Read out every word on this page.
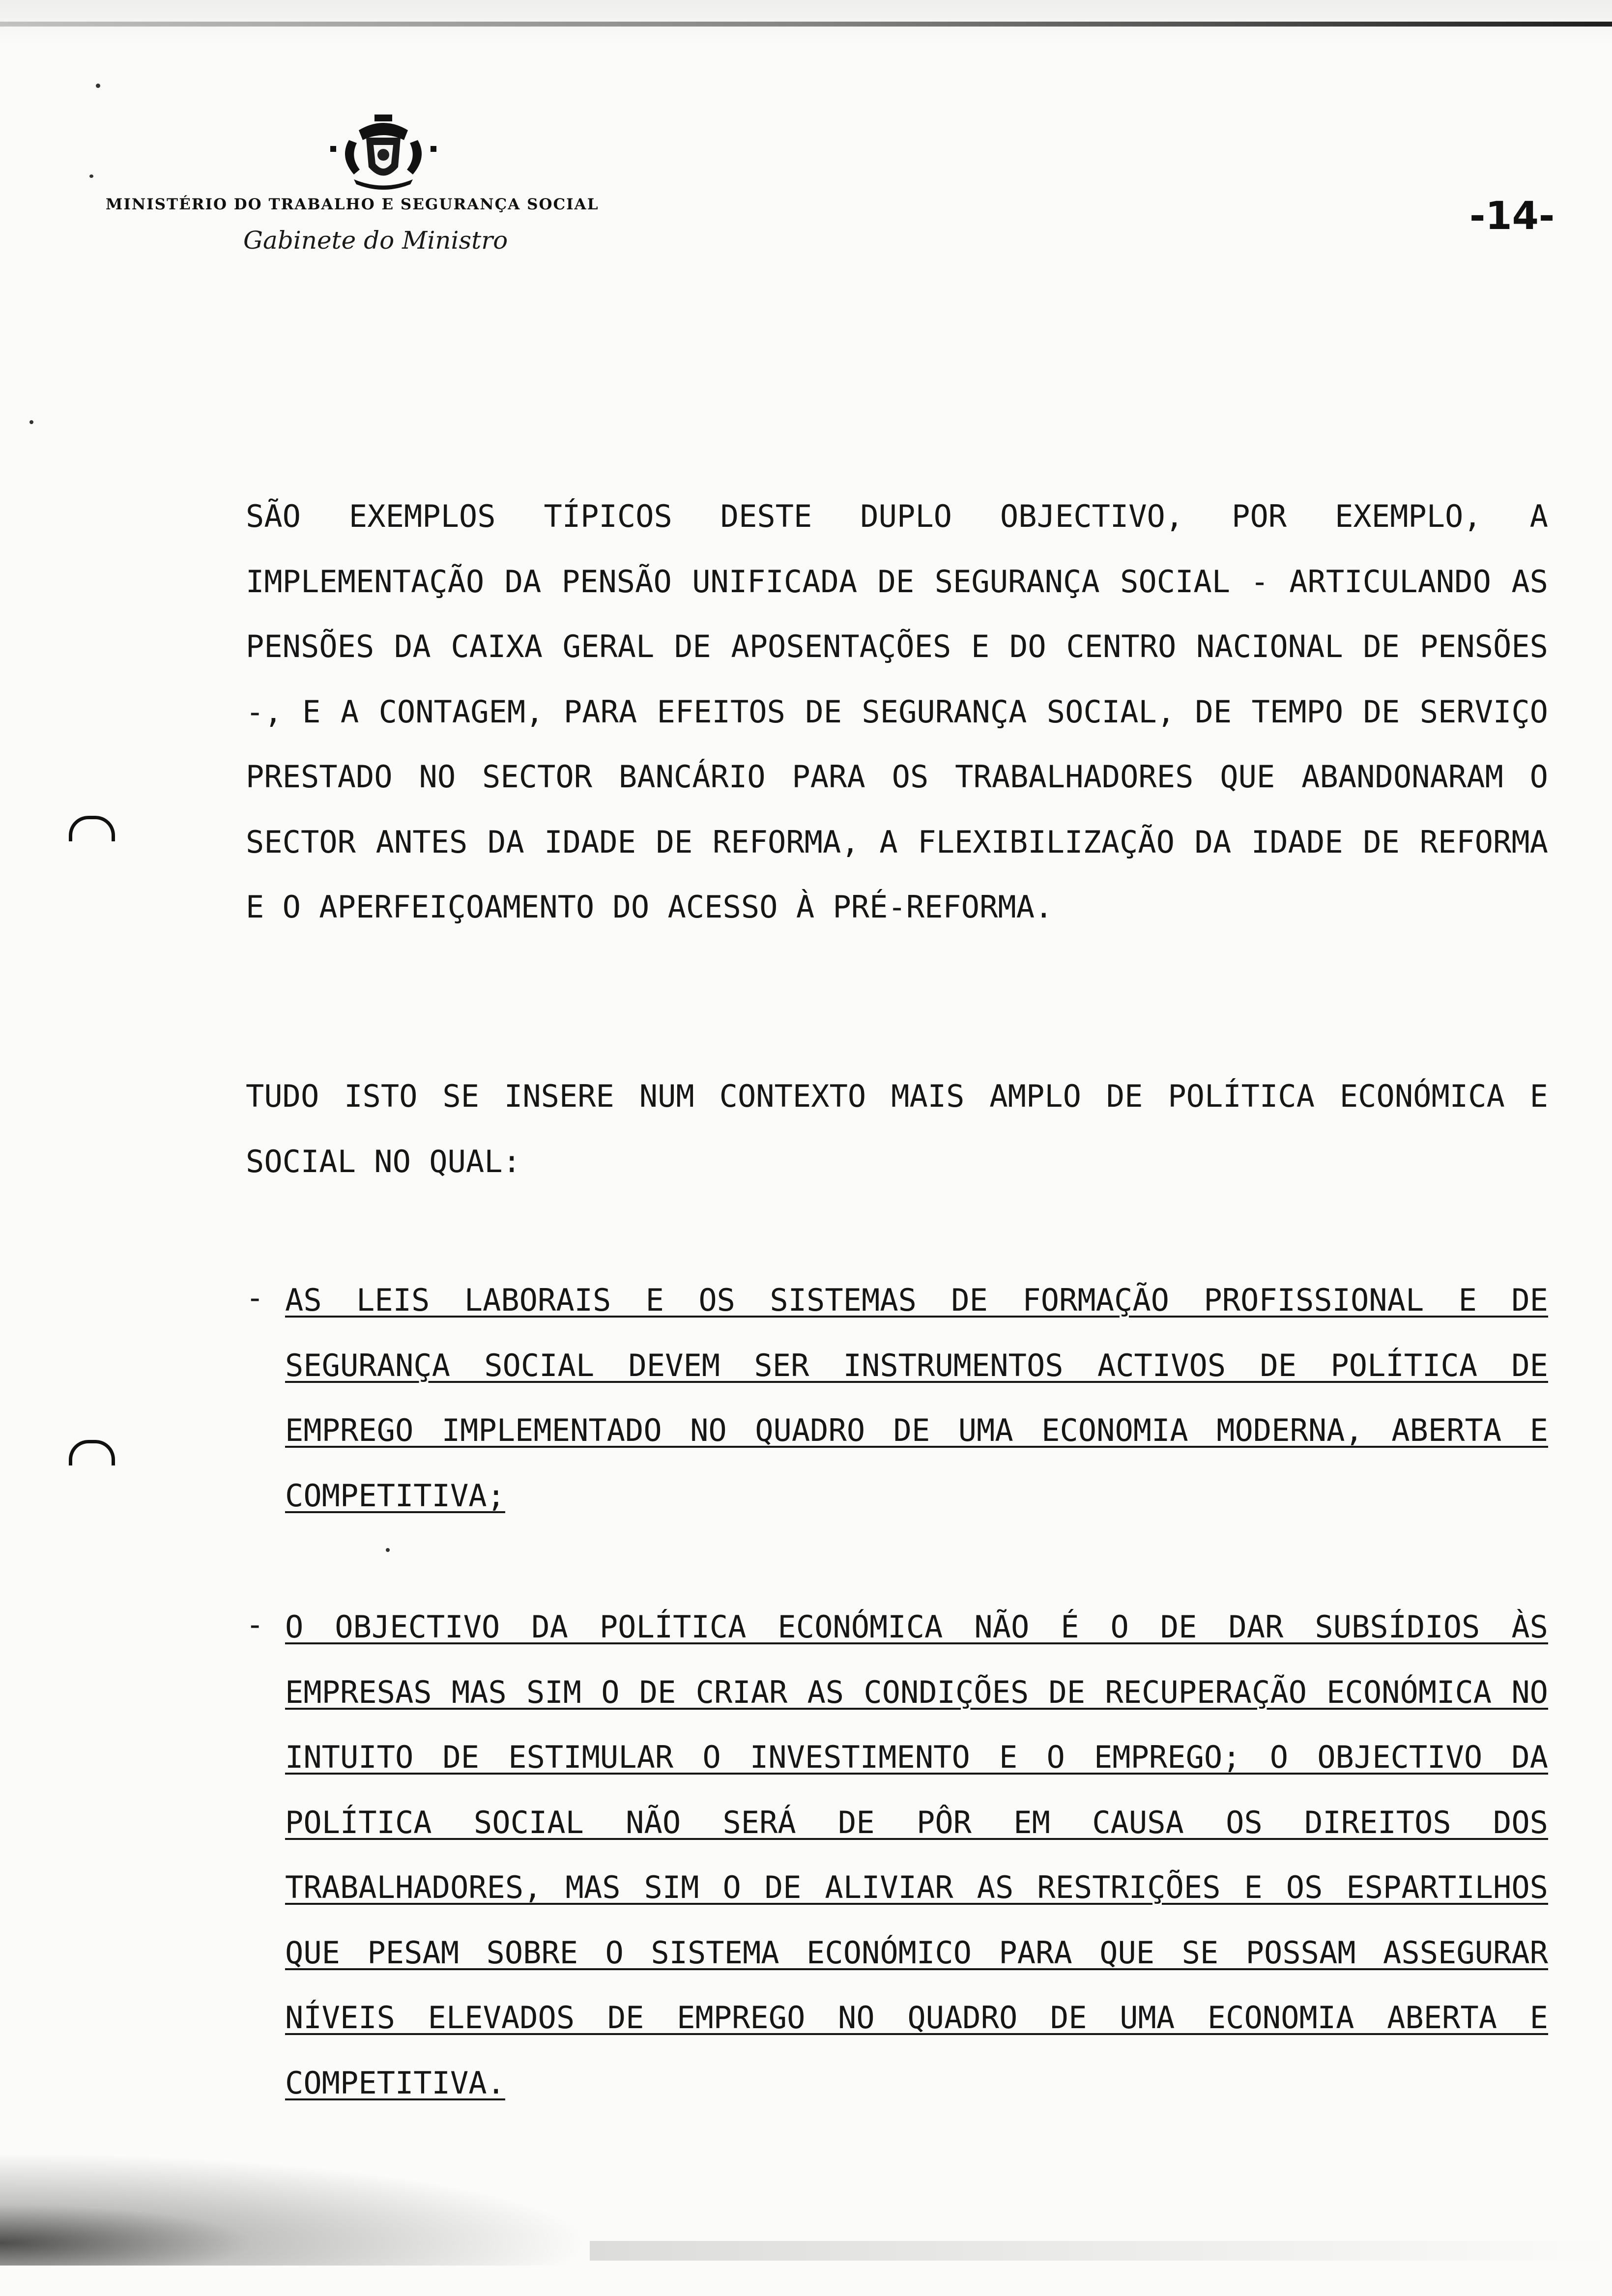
MINISTÉRIO DO TRABALHO E SEGURANÇA SOCIAL
Gabinete do Ministro
-14-
SÃO EXEMPLOS TÍPICOS DESTE DUPLO OBJECTIVO, POR EXEMPLO, A IMPLEMENTAÇÃO DA PENSÃO UNIFICADA DE SEGURANÇA SOCIAL - ARTICULANDO AS PENSÕES DA CAIXA GERAL DE APOSENTAÇÕES E DO CENTRO NACIONAL DE PENSÕES -, E A CONTAGEM, PARA EFEITOS DE SEGURANÇA SOCIAL, DE TEMPO DE SERVIÇO PRESTADO NO SECTOR BANCÁRIO PARA OS TRABALHADORES QUE ABANDONARAM O SECTOR ANTES DA IDADE DE REFORMA, A FLEXIBILIZAÇÃO DA IDADE DE REFORMA E O APERFEIÇOAMENTO DO ACESSO À PRÉ-REFORMA.
TUDO ISTO SE INSERE NUM CONTEXTO MAIS AMPLO DE POLÍTICA ECONÓMICA E SOCIAL NO QUAL:
- AS LEIS LABORAIS E OS SISTEMAS DE FORMAÇÃO PROFISSIONAL E DE SEGURANÇA SOCIAL DEVEM SER INSTRUMENTOS ACTIVOS DE POLÍTICA DE EMPREGO IMPLEMENTADO NO QUADRO DE UMA ECONOMIA MODERNA, ABERTA E COMPETITIVA;
- O OBJECTIVO DA POLÍTICA ECONÓMICA NÃO É O DE DAR SUBSÍDIOS ÀS EMPRESAS MAS SIM O DE CRIAR AS CONDIÇÕES DE RECUPERAÇÃO ECONÓMICA NO INTUITO DE ESTIMULAR O INVESTIMENTO E O EMPREGO; O OBJECTIVO DA POLÍTICA SOCIAL NÃO SERÁ DE PÔR EM CAUSA OS DIREITOS DOS TRABALHADORES, MAS SIM O DE ALIVIAR AS RESTRIÇÕES E OS ESPARTILHOS QUE PESAM SOBRE O SISTEMA ECONÓMICO PARA QUE SE POSSAM ASSEGURAR NÍVEIS ELEVADOS DE EMPREGO NO QUADRO DE UMA ECONOMIA ABERTA E COMPETITIVA.
